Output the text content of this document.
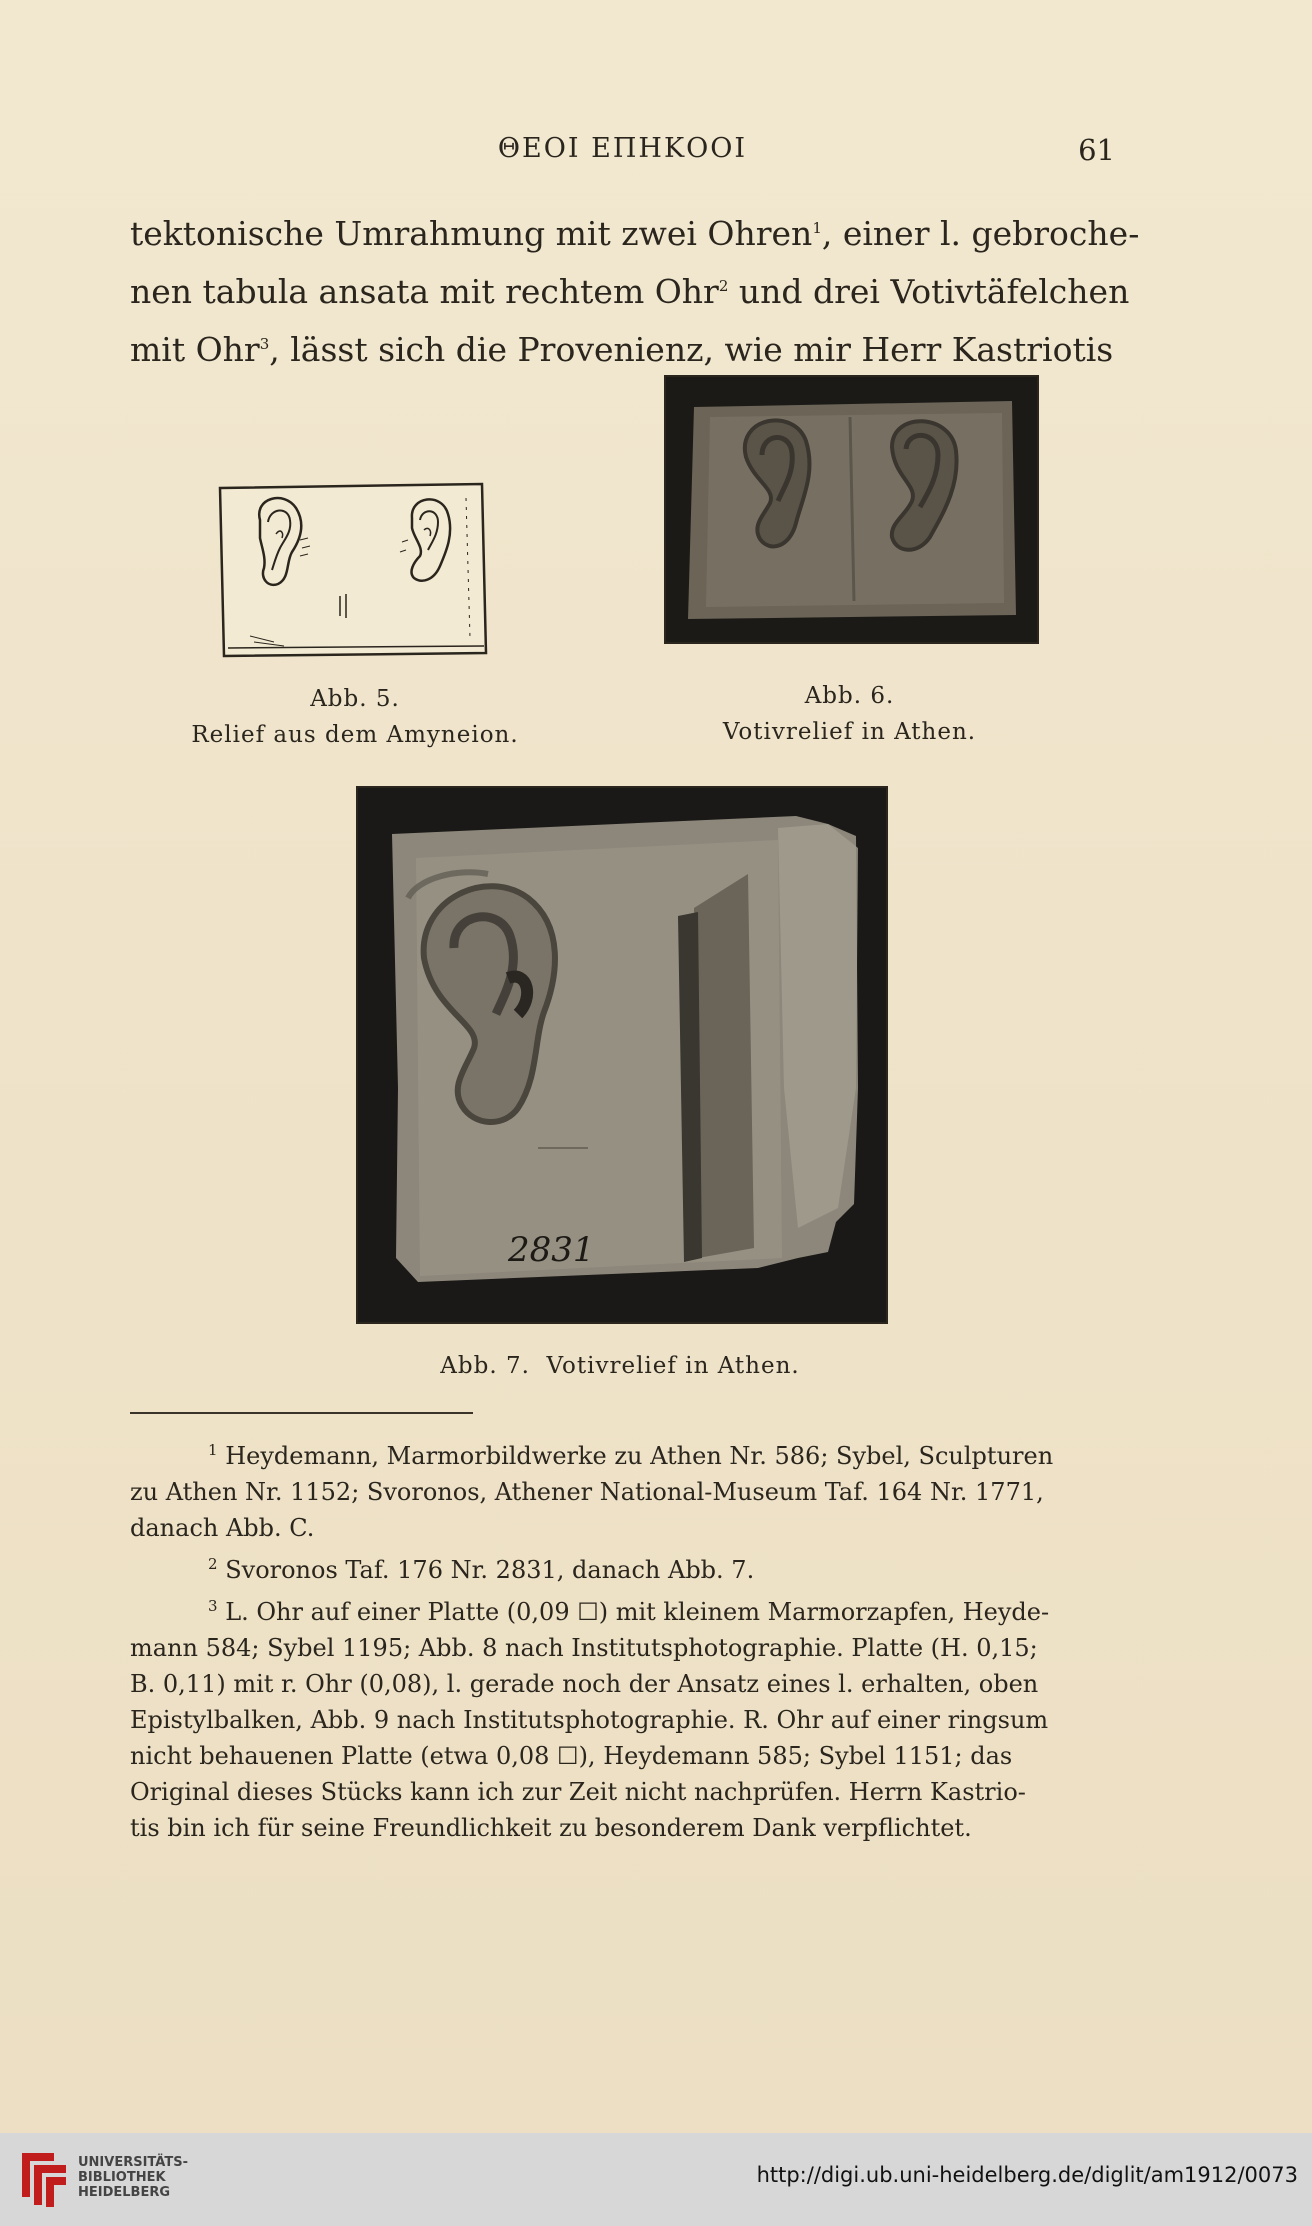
ΘΕΟΙ ΕΠΗΚΟΟΙ	61
tektonische Umrahmung mit zwei Ohren$^1$, einer l. gebroche-
nen tabula ansata mit rechtem Ohr$^2$ und drei Votivtäfelchen
mit Ohr$^3$, lässt sich die Provenienz, wie mir Herr Kastriotis
Abb. 5.
Relief aus dem Amyneion.
Abb. 6.
Votivrelief in Athen.
2831
Abb. 7.  Votivrelief in Athen.
$^1$ Heydemann, Marmorbildwerke zu Athen Nr. 586; Sybel, Sculpturen
zu Athen Nr. 1152; Svoronos, Athener National-Museum Taf. 164 Nr. 1771,
danach Abb. C.
$^2$ Svoronos Taf. 176 Nr. 2831, danach Abb. 7.
$^3$ L. Ohr auf einer Platte (0,09 ☐) mit kleinem Marmorzapfen, Heyde-
mann 584; Sybel 1195; Abb. 8 nach Institutsphotographie. Platte (H. 0,15;
B. 0,11) mit r. Ohr (0,08), l. gerade noch der Ansatz eines l. erhalten, oben
Epistylbalken, Abb. 9 nach Institutsphotographie. R. Ohr auf einer ringsum
nicht behauenen Platte (etwa 0,08 ☐), Heydemann 585; Sybel 1151; das
Original dieses Stücks kann ich zur Zeit nicht nachprüfen. Herrn Kastrio-
tis bin ich für seine Freundlichkeit zu besonderem Dank verpflichtet.
UNIVERSITÄTS-
BIBLIOTHEK
HEIDELBERG
http://digi.ub.uni-heidelberg.de/diglit/am1912/0073
